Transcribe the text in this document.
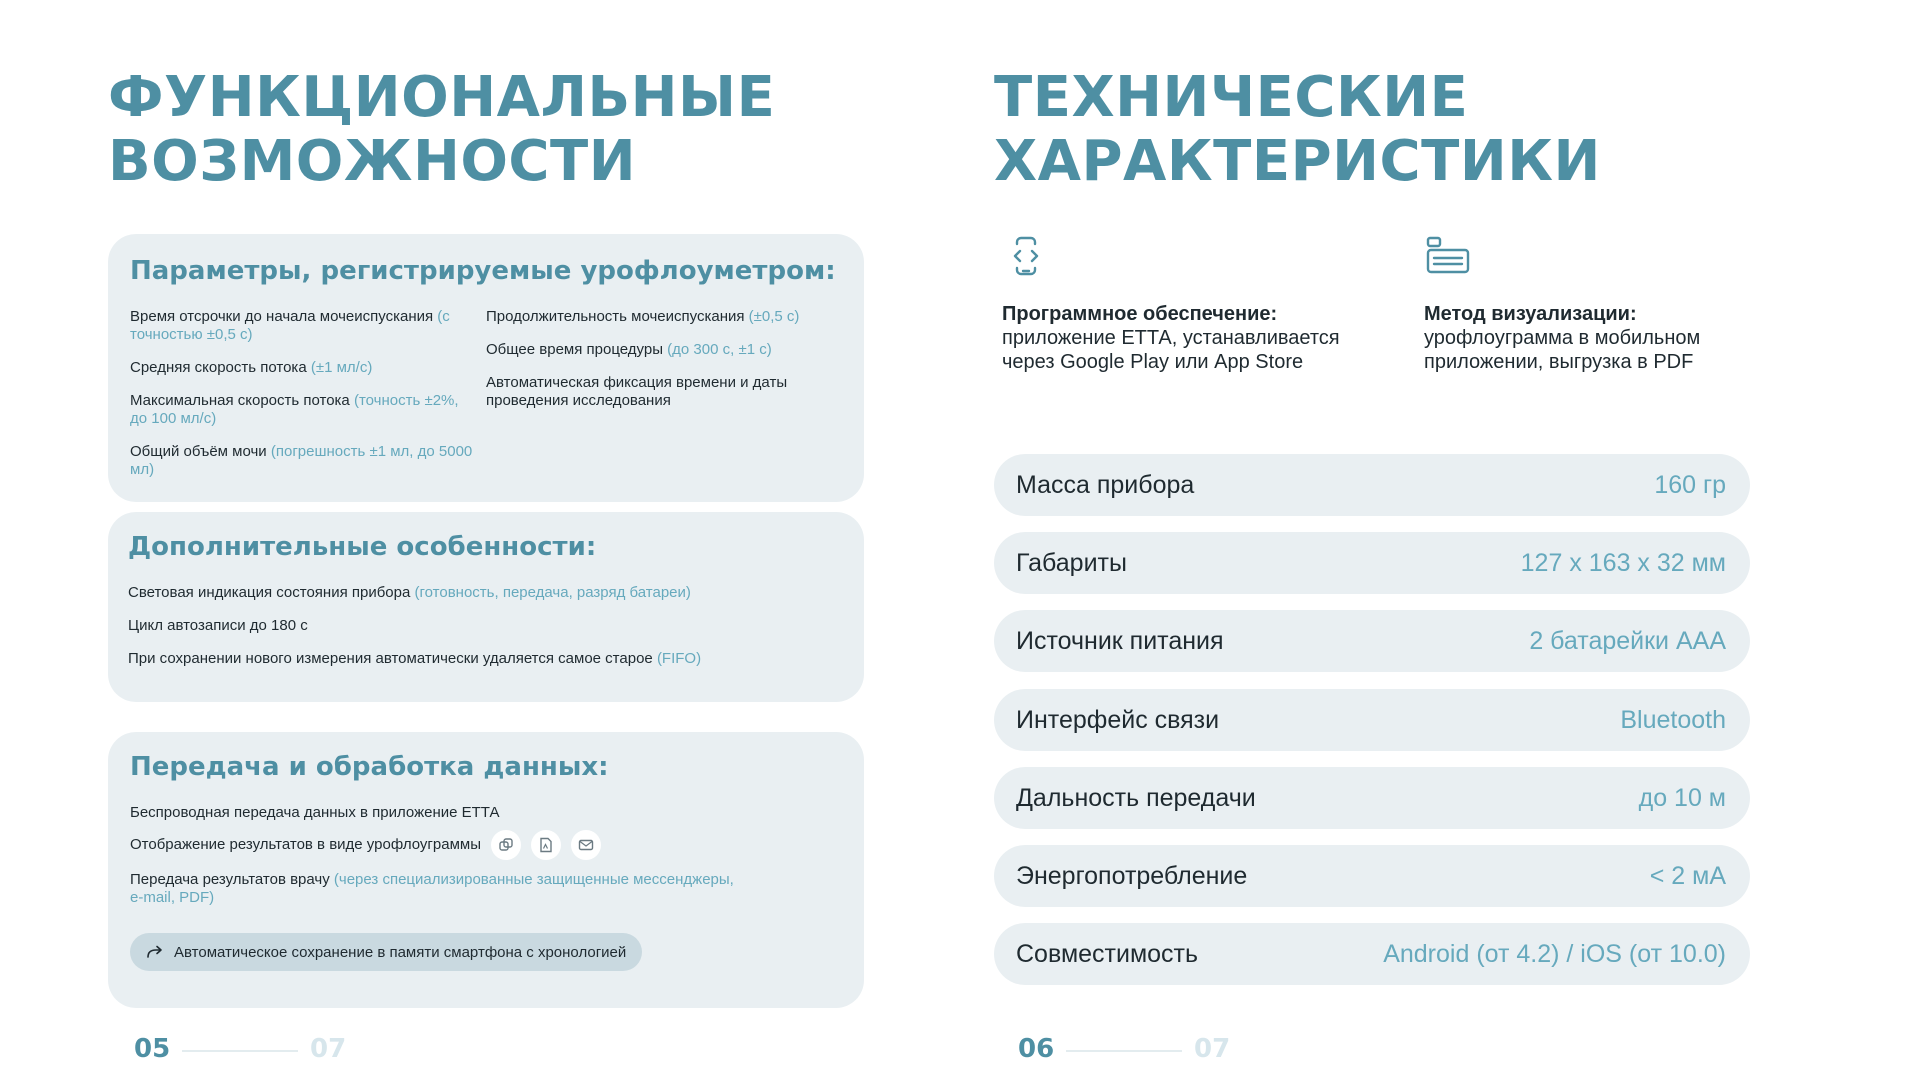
ФУНКЦИОНАЛЬНЫЕ
ВОЗМОЖНОСТИ
Параметры, регистрируемые урофлоуметром:
Время отсрочки до начала мочеиспускания (с точностью ±0,5 с)
Средняя скорость потока (±1 мл/с)
Максимальная скорость потока (точность ±2%, до 100 мл/с)
Общий объём мочи (погрешность ±1 мл, до 5000 мл)
Продолжительность мочеиспускания (±0,5 с)
Общее время процедуры (до 300 с, ±1 с)
Автоматическая фиксация времени и даты проведения исследования
Дополнительные особенности:
Световая индикация состояния прибора (готовность, передача, разряд батареи)
Цикл автозаписи до 180 с
При сохранении нового измерения автоматически удаляется самое старое (FIFO)
Передача и обработка данных:
Беспроводная передача данных в приложение ЕТТА
Отображение результатов в виде урофлоуграммы
Передача результатов врачу (через специализированные защищенные мессенджеры, e-mail, PDF)
Автоматическое сохранение в памяти смартфона с хронологией
05	07
ТЕХНИЧЕСКИЕ
ХАРАКТЕРИСТИКИ
Программное обеспечение:

приложение ЕТТА, устанавливается через Google Play или App Store

Метод визуализации:

урофлоуграмма в мобильном приложении, выгрузка в PDF

Масса прибора	160 гр
Габариты	127 х 163 х 32 мм
Источник питания	2 батарейки ААА
Интерфейс связи	Bluetooth
Дальность передачи	до 10 м
Энергопотребление	< 2 мА
Совместимость	Android (от 4.2) / iOS (от 10.0)
06	07
